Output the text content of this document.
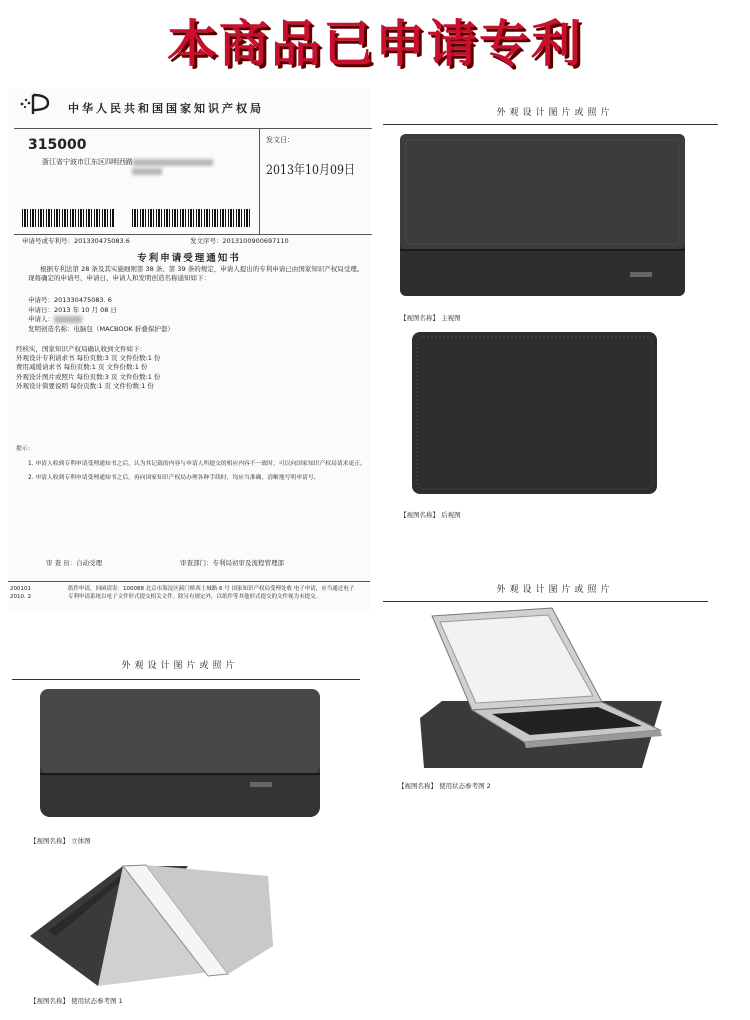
本商品已申请专利
中华人民共和国国家知识产权局
315000
浙江省宁波市江东区四明西路

发文日：
2013年10月09日
申请号或专利号：201330475083.6	发文序号：2013100900697110
专利申请受理通知书
根据专利法第 28 条及其实施细则第 38 条、第 39 条的规定，申请人提出的专利申请已由国家知识产权局受理。现将确定的申请号、申请日、申请人和发明创造名称通知如下：
申请号：201330475083. 6
申请日：2013 年 10 月 08 日
申请人：
发明创造名称：电脑包（MACBOOK 折叠保护套）
经核实，国家知识产权局确认收到文件如下：
外观设计专利请求书 每份页数:3 页 文件份数:1 份
费用减缓请求书 每份页数:1 页 文件份数:1 份
外观设计图片或照片 每份页数:3 页 文件份数:1 份
外观设计简要说明 每份页数:1 页 文件份数:1 份
提示：
1. 申请人收到专利申请受理通知书之后，认为其记载的内容与申请人所提交的相应内容不一致时，可以向国家知识产权局请求更正。
2. 申请人收到专利申请受理通知书之后，再向国家知识产权局办理各种手续时，均应当准确、清晰地写明申请号。
审 查 员：自动受理	审查部门：专利局初审及流程管理部
200101
2010. 2
纸件申请，回函请寄：100088 北京市海淀区蓟门桥西土城路 6 号 国家知识产权局受理处收 电子申请，应当通过电子专利申请系统以电子文件形式提交相关文件。除另有规定外，以纸件等其他形式提交的文件视为未提交。
外观设计图片或照片
【视图名称】 主视图
【视图名称】 后视图
外观设计图片或照片
【视图名称】 使用状态参考图 2
外观设计图片或照片
【视图名称】 立体图
【视图名称】 使用状态参考图 1
